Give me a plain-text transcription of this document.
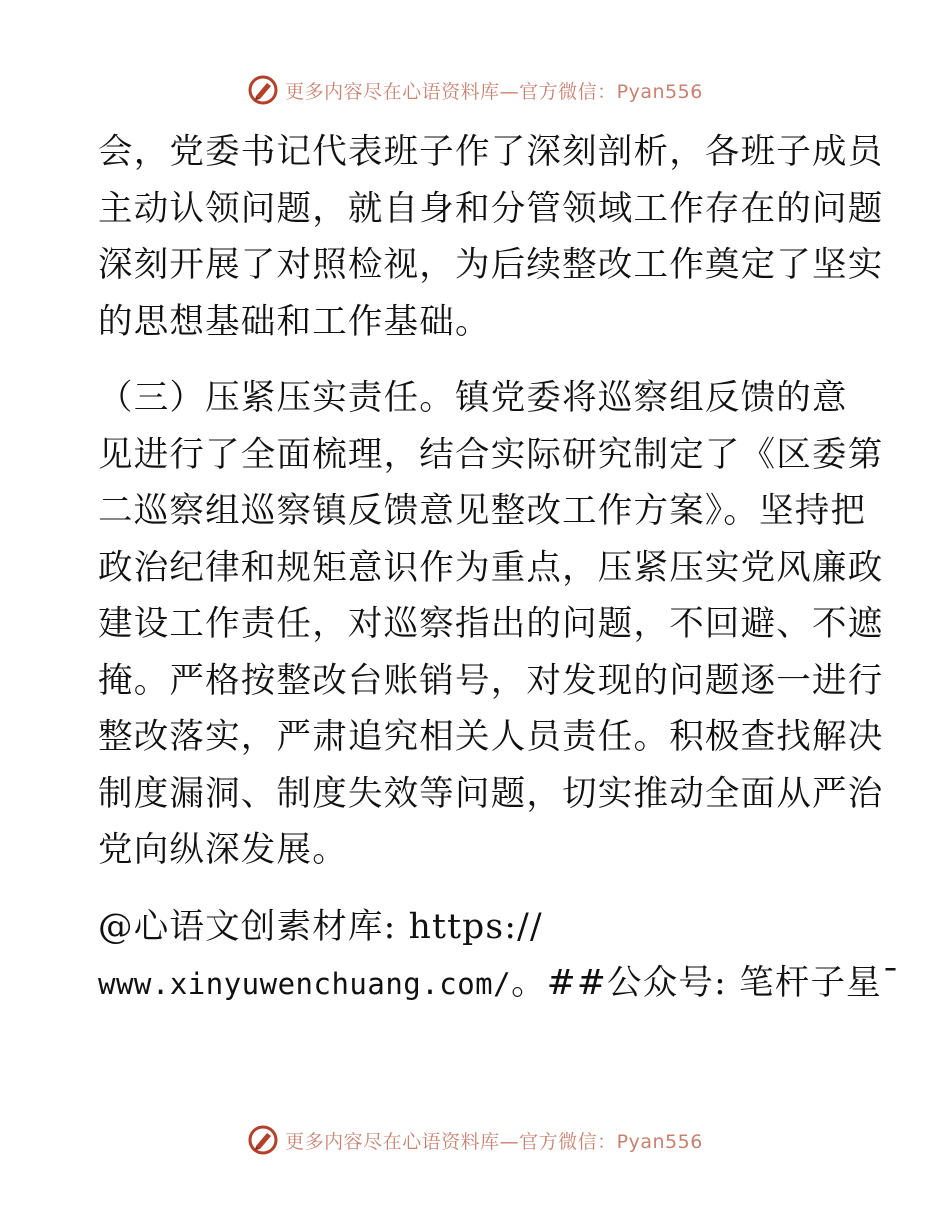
更多内容尽在心语资料库—官方微信：Pyan556
会，党委书记代表班子作了深刻剖析，各班子成员
主动认领问题，就自身和分管领域工作存在的问题
深刻开展了对照检视，为后续整改工作奠定了坚实
的思想基础和工作基础。
（三）压紧压实责任。镇党委将巡察组反馈的意
见进行了全面梳理，结合实际研究制定了《区委第
二巡察组巡察镇反馈意见整改工作方案》。坚持把
政治纪律和规矩意识作为重点，压紧压实党风廉政
建设工作责任，对巡察指出的问题，不回避、不遮
掩。严格按整改台账销号，对发现的问题逐一进行
整改落实，严肃追究相关人员责任。积极查找解决
制度漏洞、制度失效等问题，切实推动全面从严治
党向纵深发展。
@心语文创素材库: https://
www.xinyuwenchuang.com/。##公众号: 笔杆子星¯
更多内容尽在心语资料库—官方微信：Pyan556
